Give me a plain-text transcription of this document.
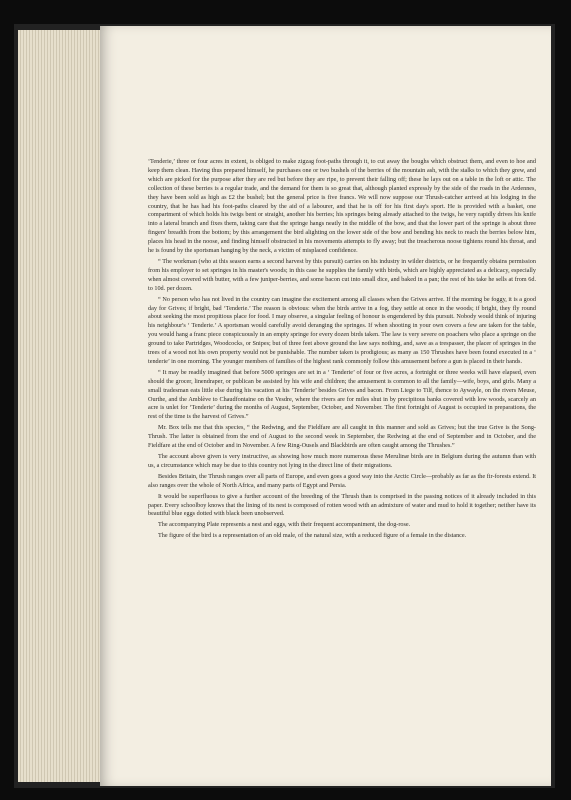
‘Tenderie,’ three or four acres in extent, is obliged to make zigzag foot-paths through it, to cut away the boughs which obstruct them, and even to hoe and keep them clean. Having thus prepared himself, he purchases one or two bushels of the berries of the mountain ash, with the stalks to which they grew, and which are picked for the purpose after they are red but before they are ripe, to prevent their falling off; these he lays out on a table in the loft or attic. The collection of these berries is a regular trade, and the demand for them is so great that, although planted expressly by the side of the roads in the Ardennes, they have been sold as high as £2 the bushel; but the general price is five francs. We will now suppose our Thrush-catcher arrived at his lodging in the country, that he has had his foot-paths cleared by the aid of a labourer, and that he is off for his first day's sport. He is provided with a basket, one compartment of which holds his twigs bent or straight, another his berries; his springes being already attached to the twigs, he very rapidly drives his knife into a lateral branch and fixes them, taking care that the springe hangs neatly in the middle of the bow, and that the lower part of the springe is about three fingers' breadth from the bottom; by this arrangement the bird alighting on the lower side of the bow and bending his neck to reach the berries below him, places his head in the noose, and finding himself obstructed in his movements attempts to fly away; but the treacherous noose tightens round his throat, and he is found by the sportsman hanging by the neck, a victim of misplaced confidence.

“ The workman (who at this season earns a second harvest by this pursuit) carries on his industry in wilder districts, or he frequently obtains permission from his employer to set springes in his master's woods; in this case he supplies the family with birds, which are highly appreciated as a delicacy, especially when almost covered with butter, with a few juniper-berries, and some bacon cut into small dice, and baked in a pan; the rest of his take he sells at from 6d. to 10d. per dozen.

“ No person who has not lived in the country can imagine the excitement among all classes when the Grives arrive. If the morning be foggy, it is a good day for Grives; if bright, bad ‘Tenderie.’ The reason is obvious: when the birds arrive in a fog, they settle at once in the woods; if bright, they fly round about seeking the most propitious place for food. I may observe, a singular feeling of honour is engendered by this pursuit. Nobody would think of injuring his neighbour's ‘ Tenderie.’ A sportsman would carefully avoid deranging the springes. If when shooting in your own covers a few are taken for the table, you would hang a franc piece conspicuously in an empty springe for every dozen birds taken. The law is very severe on poachers who place a springe on the ground to take Partridges, Woodcocks, or Snipes; but of three feet above ground the law says nothing, and, save as a trespasser, the placer of springes in the trees of a wood not his own property would not be punishable. The number taken is prodigious; as many as 150 Thrushes have been found executed in a ‘ tenderie’ in one morning. The younger members of families of the highest rank commonly follow this amusement before a gun is placed in their hands.

“ It may be readily imagined that before 5000 springes are set in a ‘ Tenderie’ of four or five acres, a fortnight or three weeks will have elapsed, even should the grocer, linendraper, or publican be assisted by his wife and children; the amusement is common to all the family—wife, boys, and girls. Many a small tradesman eats little else during his vacation at his ‘Tenderie’ besides Grives and bacon. From Liege to Tilf, thence to Aywayle, on the rivers Meuse, Ourthe, and the Amblève to Chaudfontaine on the Vesdre, where the rivers are for miles shut in by precipitous banks covered with low woods, scarcely an acre is unlet for ‘Tenderie’ during the months of August, September, October, and November. The first fortnight of August is occupied in preparations, the rest of the time is the harvest of Grives.”

Mr. Box tells me that this species, “ the Redwing, and the Fieldfare are all caught in this manner and sold as Grives; but the true Grive is the Song-Thrush. The latter is obtained from the end of August to the second week in September, the Redwing at the end of September and in October, and the Fieldfare at the end of October and in November. A few Ring-Ousels and Blackbirds are often caught among the Thrushes.”

The account above given is very instructive, as showing how much more numerous these Merulinæ birds are in Belgium during the autumn than with us, a circumstance which may be due to this country not lying in the direct line of their migrations.

Besides Britain, the Thrush ranges over all parts of Europe, and even goes a good way into the Arctic Circle—probably as far as the fir-forests extend. It also ranges over the whole of North Africa, and many parts of Egypt and Persia.

It would be superfluous to give a further account of the breeding of the Thrush than is comprised in the passing notices of it already included in this paper. Every schoolboy knows that the lining of its nest is composed of rotten wood with an admixture of water and mud to hold it together; neither have its beautiful blue eggs dotted with black been unobserved.

The accompanying Plate represents a nest and eggs, with their frequent accompaniment, the dog-rose.

The figure of the bird is a representation of an old male, of the natural size, with a reduced figure of a female in the distance.
